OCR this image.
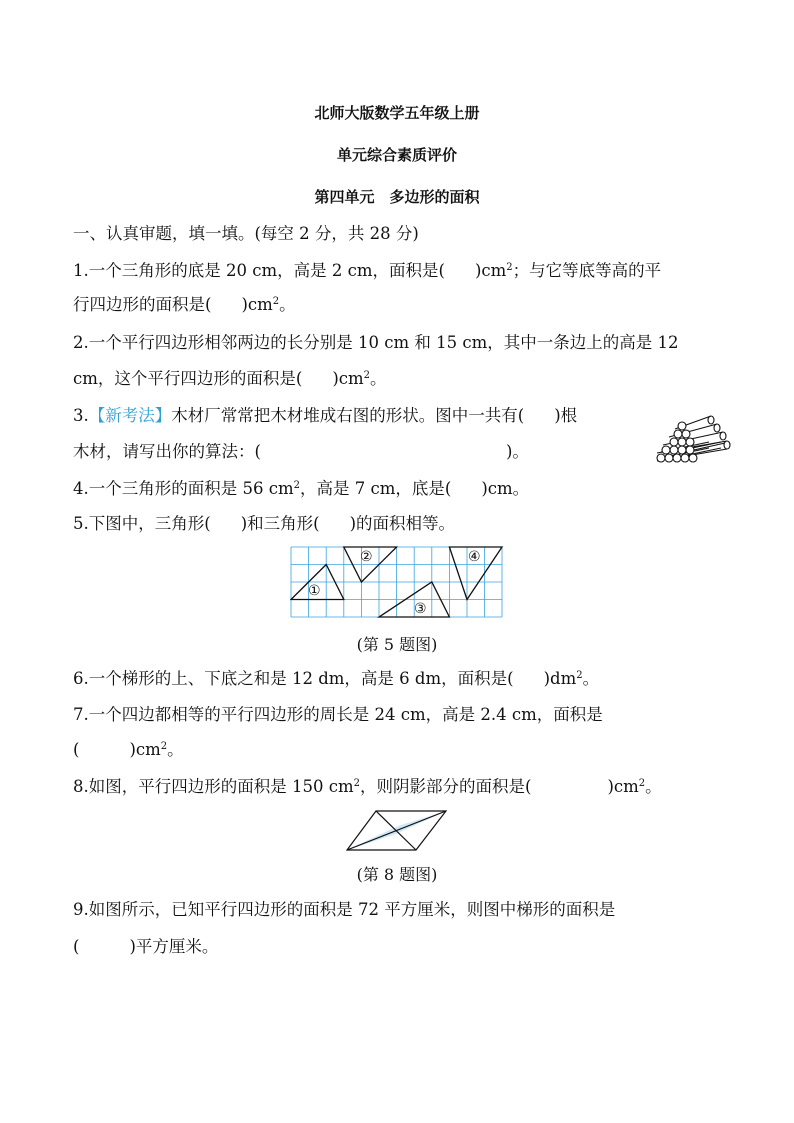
北师大版数学五年级上册
单元综合素质评价
第四单元　多边形的面积
一、认真审题，填一填。(每空 2 分，共 28 分)
1.一个三角形的底是 20 cm，高是 2 cm，面积是( )$cm^2$；与它等底等高的平
行四边形的面积是( )$cm^2$。
2.一个平行四边形相邻两边的长分别是 10 cm 和 15 cm，其中一条边上的高是 12
cm，这个平行四边形的面积是( )$cm^2$。
3.【新考法】木材厂常常把木材堆成右图的形状。图中一共有( )根
木材，请写出你的算法：(	)。
4.一个三角形的面积是 56 $cm^2$，高是 7 cm，底是( )cm。
5.下图中，三角形( )和三角形( )的面积相等。
①
②
③
④
(第 5 题图)
6.一个梯形的上、下底之和是 12 dm，高是 6 dm，面积是( )$dm^2$。
7.一个四边都相等的平行四边形的周长是 24 cm，高是 2.4 cm，面积是
(	)$cm^2$。
8.如图，平行四边形的面积是 150 $cm^2$，则阴影部分的面积是(	)$cm^2$。
(第 8 题图)
9.如图所示，已知平行四边形的面积是 72 平方厘米，则图中梯形的面积是
(	)平方厘米。
